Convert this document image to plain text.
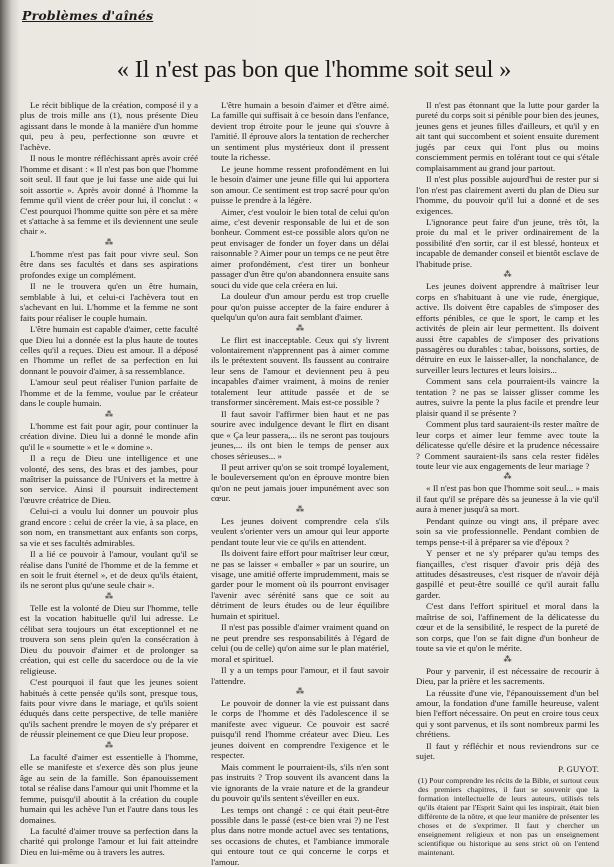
Problèmes d'aînés
« Il n'est pas bon que l'homme soit seul »

Le récit biblique de la création, composé il y a plus de trois mille ans (1), nous présente Dieu agissant dans le monde à la manière d'un homme qui, peu à peu, perfectionne son œuvre et l'achève.

Il nous le montre réfléchissant après avoir créé l'homme et disant : « Il n'est pas bon que l'homme soit seul. Il faut que je lui fasse une aide qui lui soit assortie ». Après avoir donné à l'homme la femme qu'il vient de créer pour lui, il conclut : « C'est pourquoi l'homme quitte son père et sa mère et s'attache à sa femme et ils deviennent une seule chair ».

⁂

L'homme n'est pas fait pour vivre seul. Son être dans ses facultés et dans ses aspirations profondes exige un complément.

Il ne le trouvera qu'en un être humain, semblable à lui, et celui-ci l'achèvera tout en s'achevant en lui. L'homme et la femme ne sont faits pour réaliser le couple humain.

L'être humain est capable d'aimer, cette faculté que Dieu lui a donnée est la plus haute de toutes celles qu'il a reçues. Dieu est amour. Il a déposé en l'homme un reflet de sa perfection en lui donnant le pouvoir d'aimer, à sa ressemblance.

L'amour seul peut réaliser l'union parfaite de l'homme et de la femme, voulue par le créateur dans le couple humain.

⁂

L'homme est fait pour agir, pour continuer la création divine. Dieu lui a donné le monde afin qu'il le « soumette » et le « domine ».

Il a reçu de Dieu une intelligence et une volonté, des sens, des bras et des jambes, pour maîtriser la puissance de l'Univers et la mettre à son service. Ainsi il poursuit indirectement l'œuvre créatrice de Dieu.

Celui-ci a voulu lui donner un pouvoir plus grand encore : celui de créer la vie, à sa place, en son nom, en transmettant aux enfants son corps, sa vie et ses facultés admirables.

Il a lié ce pouvoir à l'amour, voulant qu'il se réalise dans l'unité de l'homme et de la femme et en soit le fruit éternel », et de deux qu'ils étaient, ils ne seront plus qu'une seule chair ».

⁂

Telle est la volonté de Dieu sur l'homme, telle est la vocation habituelle qu'il lui adresse. Le célibat sera toujours un état exceptionnel et ne trouvera son sens plein qu'en la consécration à Dieu du pouvoir d'aimer et de prolonger sa création, qui est celle du sacerdoce ou de la vie religieuse.

C'est pourquoi il faut que les jeunes soient habitués à cette pensée qu'ils sont, presque tous, faits pour vivre dans le mariage, et qu'ils soient éduqués dans cette perspective, de telle manière qu'ils sachent prendre le moyen de s'y préparer et de réussir pleinement ce que Dieu leur propose.

⁂

La faculté d'aimer est essentielle à l'homme, elle se manifeste et s'exerce dès son plus jeune âge au sein de la famille. Son épanouissement total se réalise dans l'amour qui unit l'homme et la femme, puisqu'il aboutit à la création du couple humain qui les achève l'un et l'autre dans tous les domaines.

La faculté d'aimer trouve sa perfection dans la charité qui prolonge l'amour et lui fait atteindre Dieu en lui-même ou à travers les autres.

L'être humain a besoin d'aimer et d'être aimé. La famille qui suffisait à ce besoin dans l'enfance, devient trop étroite pour le jeune qui s'ouvre à l'amitié. Il éprouve alors la tentation de rechercher un sentiment plus mystérieux dont il pressent toute la richesse.

Le jeune homme ressent profondément en lui le besoin d'aimer une jeune fille qui lui apportera son amour. Ce sentiment est trop sacré pour qu'on puisse le prendre à la légère.

Aimer, c'est vouloir le bien total de celui qu'on aime, c'est devenir responsable de lui et de son bonheur. Comment est-ce possible alors qu'on ne peut envisager de fonder un foyer dans un délai raisonnable ? Aimer pour un temps ce ne peut être aimer profondément, c'est tirer un bonheur passager d'un être qu'on abandonnera ensuite sans souci du vide que cela créera en lui.

La douleur d'un amour perdu est trop cruelle pour qu'on puisse accepter de la faire endurer à quelqu'un qu'on aura fait semblant d'aimer.

⁂

Le flirt est inacceptable. Ceux qui s'y livrent volontairement n'apprennent pas à aimer comme ils le prétextent souvent. Ils faussent au contraire leur sens de l'amour et deviennent peu à peu incapables d'aimer vraiment, à moins de renier totalement leur attitude passée et de se transformer sincèrement. Mais est-ce possible ?

Il faut savoir l'affirmer bien haut et ne pas sourire avec indulgence devant le flirt en disant que « Ça leur passera,... ils ne seront pas toujours jeunes,... ils ont bien le temps de penser aux choses sérieuses... »

Il peut arriver qu'on se soit trompé loyalement, le bouleversement qu'on en éprouve montre bien qu'on ne peut jamais jouer impunément avec son cœur.

⁂

Les jeunes doivent comprendre cela s'ils veulent s'orienter vers un amour qui leur apporte pendant toute leur vie ce qu'ils en attendent.

Ils doivent faire effort pour maîtriser leur cœur, ne pas se laisser « emballer » par un sourire, un visage, une amitié offerte imprudemment, mais se garder pour le moment où ils pourront envisager l'avenir avec sérénité sans que ce soit au détriment de leurs études ou de leur équilibre humain et spirituel.

Il n'est pas possible d'aimer vraiment quand on ne peut prendre ses responsabilités à l'égard de celui (ou de celle) qu'on aime sur le plan matériel, moral et spirituel.

Il y a un temps pour l'amour, et il faut savoir l'attendre.

⁂

Le pouvoir de donner la vie est puissant dans le corps de l'homme et dès l'adolescence il se manifeste avec vigueur. Ce pouvoir est sacré puisqu'il rend l'homme créateur avec Dieu. Les jeunes doivent en comprendre l'exigence et le respecter.

Mais comment le pourraient-ils, s'ils n'en sont pas instruits ? Trop souvent ils avancent dans la vie ignorants de la vraie nature et de la grandeur du pouvoir qu'ils sentent s'éveiller en eux.

Les temps ont changé : ce qui était peut-être possible dans le passé (est-ce bien vrai ?) ne l'est plus dans notre monde actuel avec ses tentations, ses occasions de chutes, et l'ambiance immorale qui entoure tout ce qui concerne le corps et l'amour.

Il n'est pas étonnant que la lutte pour garder la pureté du corps soit si pénible pour bien des jeunes, jeunes gens et jeunes filles d'ailleurs, et qu'il y en ait tant qui succombent et soient ensuite durement jugés par ceux qui l'ont plus ou moins consciemment permis en tolérant tout ce qui s'étale complaisamment au grand jour partout.

Il n'est plus possible aujourd'hui de rester pur si l'on n'est pas clairement averti du plan de Dieu sur l'homme, du pouvoir qu'il lui a donné et de ses exigences.

L'ignorance peut faire d'un jeune, très tôt, la proie du mal et le priver ordinairement de la possibilité d'en sortir, car il est blessé, honteux et incapable de demander conseil et bientôt esclave de l'habitude prise.

⁂

Les jeunes doivent apprendre à maîtriser leur corps en s'habituant à une vie rude, énergique, active. Ils doivent être capables de s'imposer des efforts pénibles, ce que le sport, le camp et les activités de plein air leur permettent. Ils doivent aussi être capables de s'imposer des privations passagères ou durables : tabac, boissons, sorties, de détruire en eux le laisser-aller, la nonchalance, de surveiller leurs lectures et leurs loisirs...

Comment sans cela pourraient-ils vaincre la tentation ? ne pas se laisser glisser comme les autres, suivre la pente la plus facile et prendre leur plaisir quand il se présente ?

Comment plus tard sauraient-ils rester maître de leur corps et aimer leur femme avec toute la délicatesse qu'elle désire et la prudence nécessaire ? Comment sauraient-ils sans cela rester fidèles toute leur vie aux engagements de leur mariage ?

⁂

« Il n'est pas bon que l'homme soit seul... » mais il faut qu'il se prépare dès sa jeunesse à la vie qu'il aura à mener jusqu'à sa mort.

Pendant quinze ou vingt ans, il prépare avec soin sa vie professionnelle. Pendant combien de temps pense-t-il à préparer sa vie d'époux ?

Y penser et ne s'y préparer qu'au temps des fiançailles, c'est risquer d'avoir pris déjà des attitudes désastreuses, c'est risquer de n'avoir déjà gaspillé et peut-être souillé ce qu'il aurait fallu garder.

C'est dans l'effort spirituel et moral dans la maîtrise de soi, l'affinement de la délicatesse du cœur et de la sensibilité, le respect de la pureté de son corps, que l'on se fait digne d'un bonheur de toute sa vie et qu'on le mérite.

⁂

Pour y parvenir, il est nécessaire de recourir à Dieu, par la prière et les sacrements.

La réussite d'une vie, l'épanouissement d'un bel amour, la fondation d'une famille heureuse, valent bien l'effort nécessaire. On peut en croire tous ceux qui y sont parvenus, et ils sont nombreux parmi les chrétiens.

Il faut y réfléchir et nous reviendrons sur ce sujet.

P. GUYOT.

(1) Pour comprendre les récits de la Bible, et surtout ceux des premiers chapitres, il faut se souvenir que la formation intellectuelle de leurs auteurs, utilisés tels qu'ils étaient par l'Esprit Saint qui les inspirait, était bien différente de la nôtre, et que leur manière de présenter les choses et de s'exprimer. Il faut y chercher un enseignement religieux et non pas un enseignement scientifique ou historique au sens strict où on l'entend maintenant.
